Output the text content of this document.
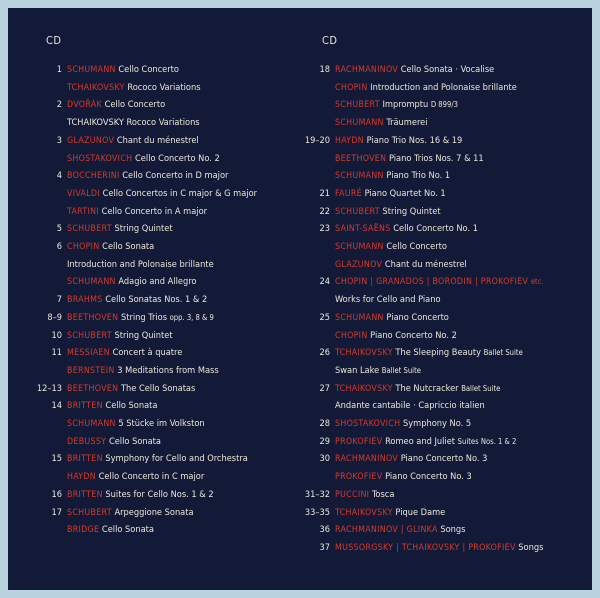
CD
1 SCHUMANN Cello Concerto
TCHAIKOVSKY Rococo Variations
2 DVOŘÁK Cello Concerto
TCHAIKOVSKY Rococo Variations
3 GLAZUNOV Chant du ménestrel
SHOSTAKOVICH Cello Concerto No. 2
4 BOCCHERINI Cello Concerto in D major
VIVALDI Cello Concertos in C major & G major
TARTINI Cello Concerto in A major
5 SCHUBERT String Quintet
6 CHOPIN Cello Sonata
Introduction and Polonaise brillante
SCHUMANN Adagio and Allegro
7 BRAHMS Cello Sonatas Nos. 1 & 2
8–9 BEETHOVEN String Trios opp. 3, 8 & 9
10 SCHUBERT String Quintet
11 MESSIAEN Concert à quatre
BERNSTEIN 3 Meditations from Mass
12–13 BEETHOVEN The Cello Sonatas
14 BRITTEN Cello Sonata
SCHUMANN 5 Stücke im Volkston
DEBUSSY Cello Sonata
15 BRITTEN Symphony for Cello and Orchestra
HAYDN Cello Concerto in C major
16 BRITTEN Suites for Cello Nos. 1 & 2
17 SCHUBERT Arpeggione Sonata
BRIDGE Cello Sonata
CD
18 RACHMANINOV Cello Sonata · Vocalise
CHOPIN Introduction and Polonaise brillante
SCHUBERT Impromptu D 899/3
SCHUMANN Träumerei
19–20 HAYDN Piano Trio Nos. 16 & 19
BEETHOVEN Piano Trios Nos. 7 & 11
SCHUMANN Piano Trio No. 1
21 FAURÉ Piano Quartet No. 1
22 SCHUBERT String Quintet
23 SAINT-SAËNS Cello Concerto No. 1
SCHUMANN Cello Concerto
GLAZUNOV Chant du ménestrel
24 CHOPIN | GRANADOS | BORODIN | PROKOFIEV etc.
Works for Cello and Piano
25 SCHUMANN Piano Concerto
CHOPIN Piano Concerto No. 2
26 TCHAIKOVSKY The Sleeping Beauty Ballet Suite
Swan Lake Ballet Suite
27 TCHAIKOVSKY The Nutcracker Ballet Suite
Andante cantabile · Capriccio italien
28 SHOSTAKOVICH Symphony No. 5
29 PROKOFIEV Romeo and Juliet Suites Nos. 1 & 2
30 RACHMANINOV Piano Concerto No. 3
PROKOFIEV Piano Concerto No. 3
31–32 PUCCINI Tosca
33–35 TCHAIKOVSKY Pique Dame
36 RACHMANINOV | GLINKA Songs
37 MUSSORGSKY | TCHAIKOVSKY | PROKOFIEV Songs
